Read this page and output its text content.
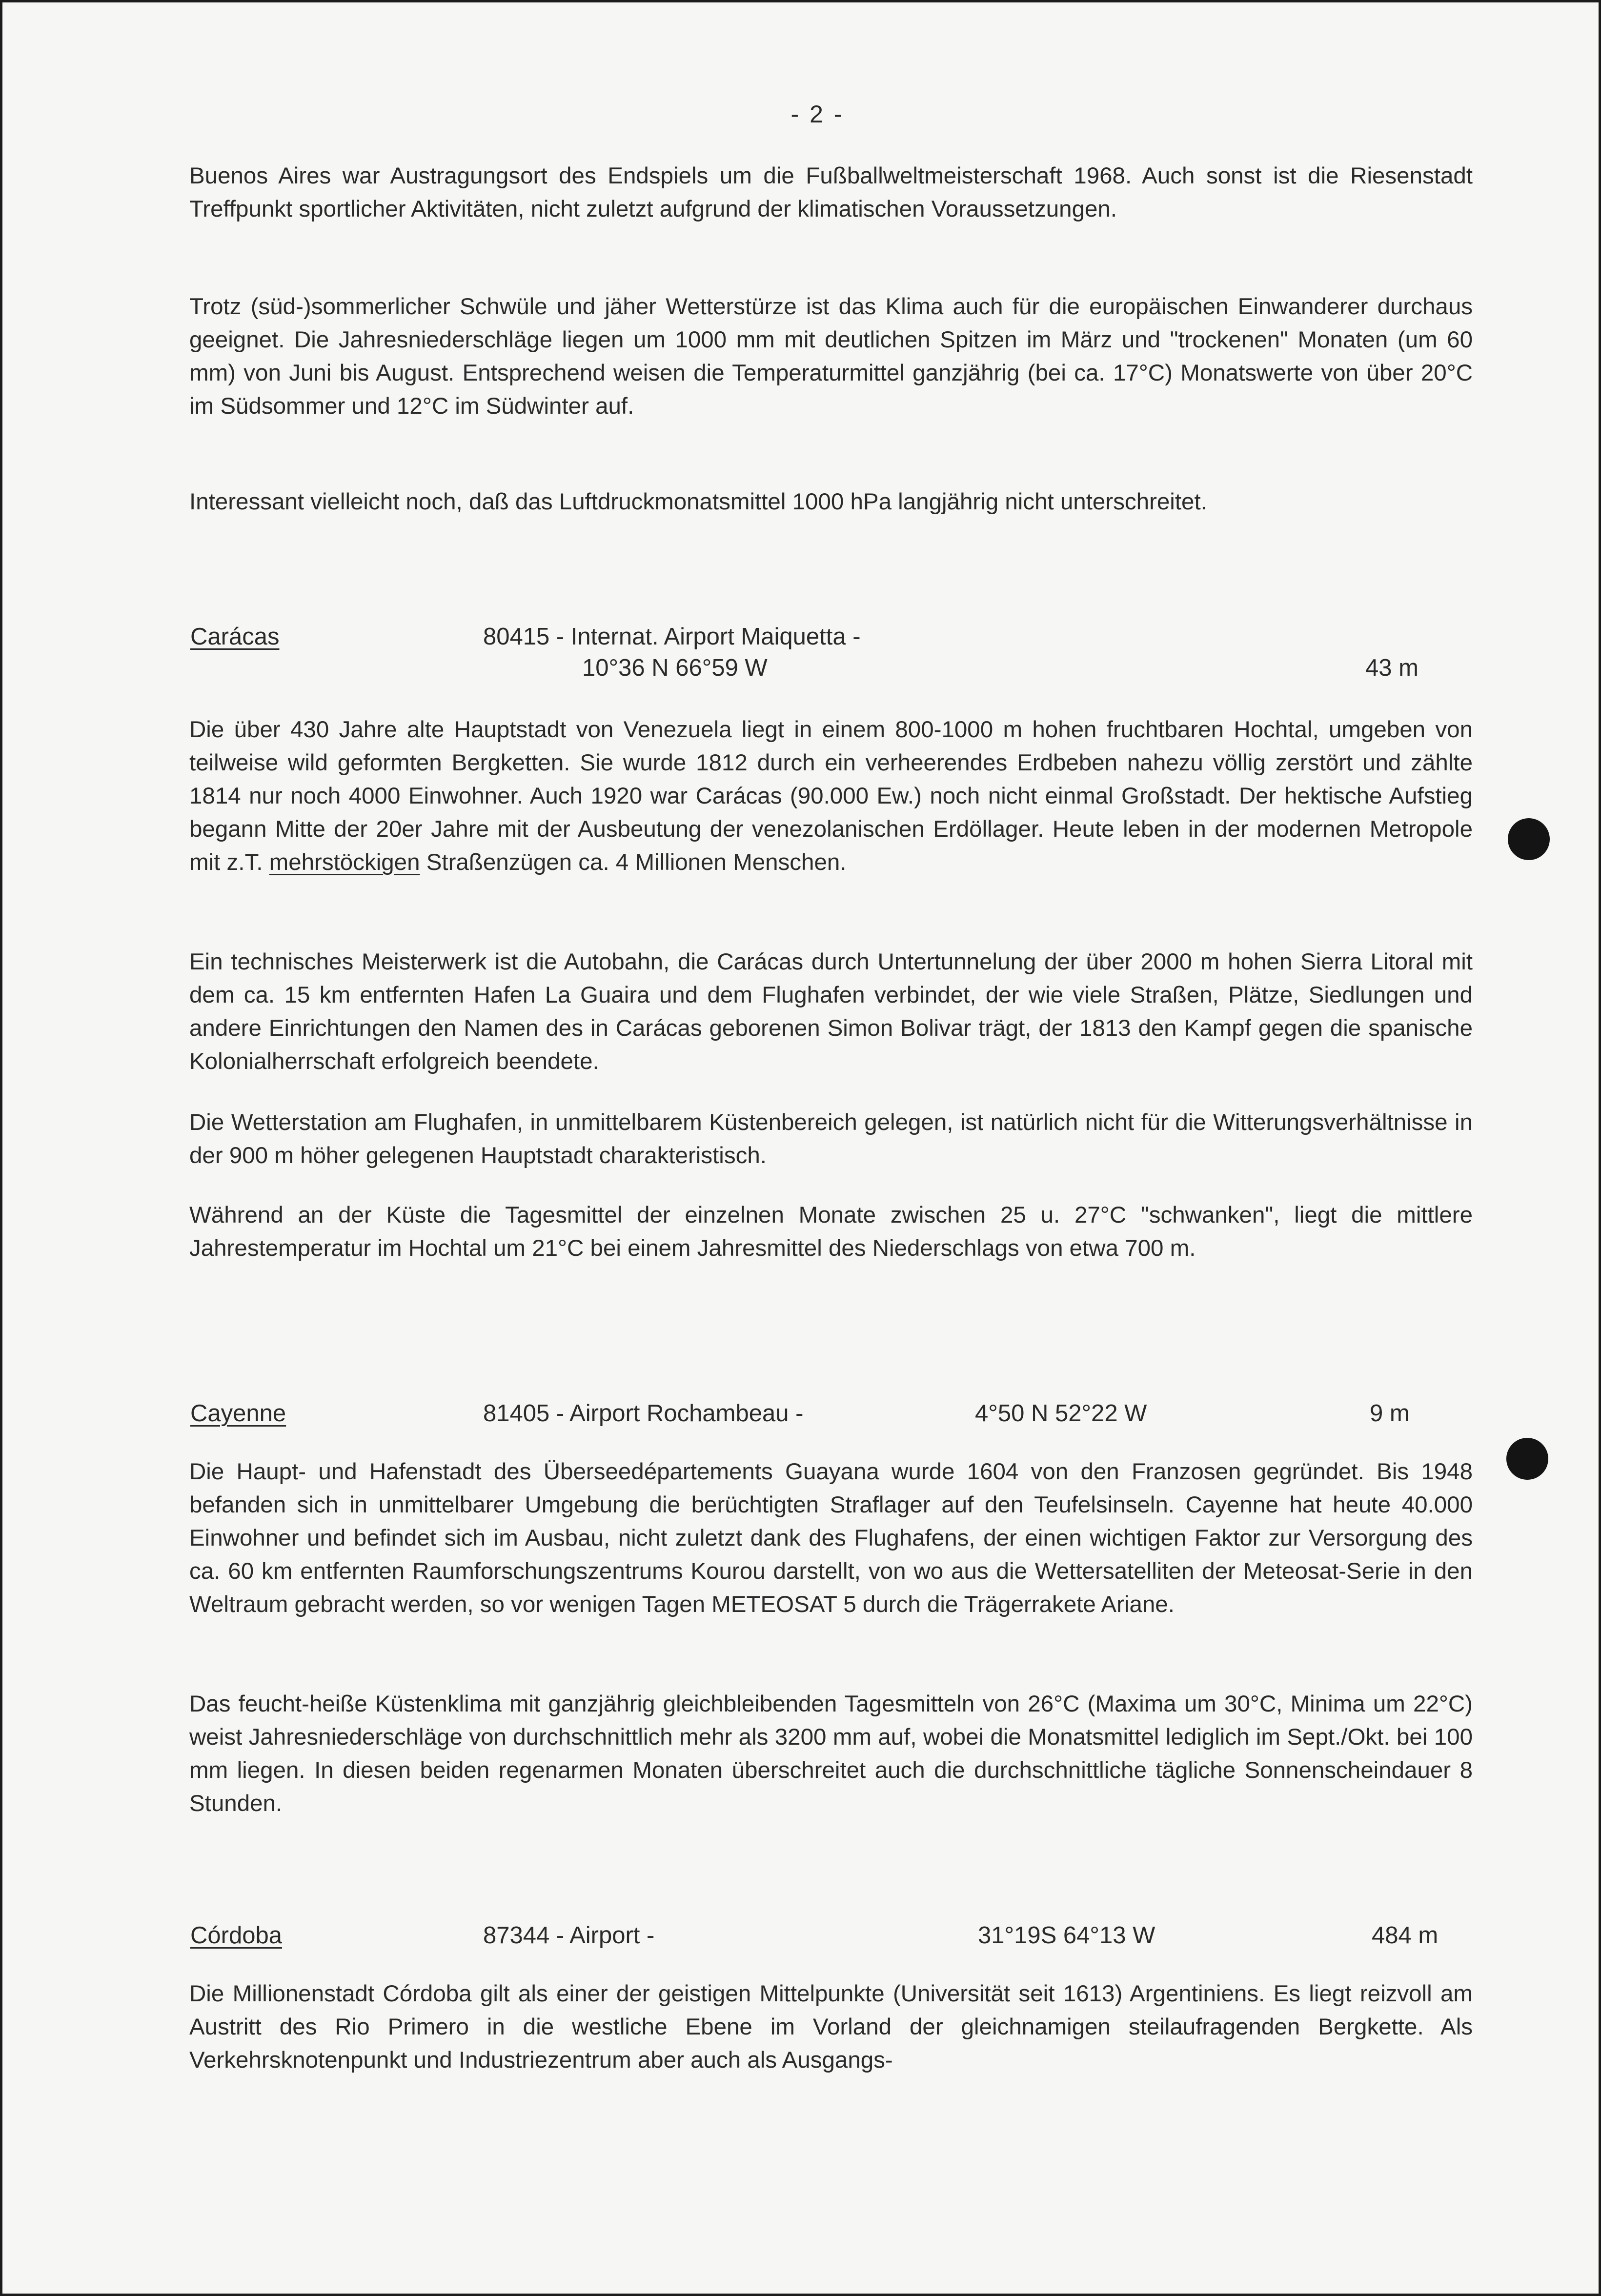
- 2 -

Buenos Aires war Austragungsort des Endspiels um die Fußballweltmeisterschaft 1968. Auch sonst ist die Riesenstadt Treffpunkt sportlicher Aktivitäten, nicht zuletzt aufgrund der klimatischen Voraussetzungen.

Trotz (süd-)sommerlicher Schwüle und jäher Wetterstürze ist das Klima auch für die europäischen Einwanderer durchaus geeignet. Die Jahresniederschläge liegen um 1000 mm mit deutlichen Spitzen im März und "trockenen" Monaten (um 60 mm) von Juni bis August. Entsprechend weisen die Temperaturmittel ganzjährig (bei ca. 17°C) Monatswerte von über 20°C im Südsommer und 12°C im Südwinter auf.

Interessant vielleicht noch, daß das Luftdruckmonatsmittel 1000 hPa langjährig nicht unterschreitet.

Carácas	80415 - Internat. Airport Maiquetta -
10°36 N 66°59 W	43 m

Die über 430 Jahre alte Hauptstadt von Venezuela liegt in einem 800-1000 m hohen fruchtbaren Hochtal, umgeben von teilweise wild geformten Bergketten. Sie wurde 1812 durch ein verheerendes Erdbeben nahezu völlig zerstört und zählte 1814 nur noch 4000 Einwohner. Auch 1920 war Carácas (90.000 Ew.) noch nicht einmal Großstadt. Der hektische Aufstieg begann Mitte der 20er Jahre mit der Ausbeutung der venezolanischen Erdöllager. Heute leben in der modernen Metropole mit z.T. mehrstöckigen Straßenzügen ca. 4 Millionen Menschen.

Ein technisches Meisterwerk ist die Autobahn, die Carácas durch Untertunnelung der über 2000 m hohen Sierra Litoral mit dem ca. 15 km entfernten Hafen La Guaira und dem Flughafen verbindet, der wie viele Straßen, Plätze, Siedlungen und andere Einrichtungen den Namen des in Carácas geborenen Simon Bolivar trägt, der 1813 den Kampf gegen die spanische Kolonialherrschaft erfolgreich beendete.

Die Wetterstation am Flughafen, in unmittelbarem Küstenbereich gelegen, ist natürlich nicht für die Witterungsverhältnisse in der 900 m höher gelegenen Hauptstadt charakteristisch.

Während an der Küste die Tagesmittel der einzelnen Monate zwischen 25 u. 27°C "schwanken", liegt die mittlere Jahrestemperatur im Hochtal um 21°C bei einem Jahresmittel des Niederschlags von etwa 700 m.

Cayenne	81405 - Airport Rochambeau -	4°50 N 52°22 W	9 m

Die Haupt- und Hafenstadt des Überseedépartements Guayana wurde 1604 von den Franzosen gegründet. Bis 1948 befanden sich in unmittelbarer Umgebung die berüchtigten Straflager auf den Teufelsinseln. Cayenne hat heute 40.000 Einwohner und befindet sich im Ausbau, nicht zuletzt dank des Flughafens, der einen wichtigen Faktor zur Versorgung des ca. 60 km entfernten Raumforschungszentrums Kourou darstellt, von wo aus die Wettersatelliten der Meteosat-Serie in den Weltraum gebracht werden, so vor wenigen Tagen METEOSAT 5 durch die Trägerrakete Ariane.

Das feucht-heiße Küstenklima mit ganzjährig gleichbleibenden Tagesmitteln von 26°C (Maxima um 30°C, Minima um 22°C) weist Jahresniederschläge von durchschnittlich mehr als 3200 mm auf, wobei die Monatsmittel lediglich im Sept./Okt. bei 100 mm liegen. In diesen beiden regenarmen Monaten überschreitet auch die durchschnittliche tägliche Sonnenscheindauer 8 Stunden.

Córdoba	87344 - Airport -	31°19S 64°13 W	484 m

Die Millionenstadt Córdoba gilt als einer der geistigen Mittelpunkte (Universität seit 1613) Argentiniens. Es liegt reizvoll am Austritt des Rio Primero in die westliche Ebene im Vorland der gleichnamigen steilaufragenden Bergkette. Als Verkehrsknotenpunkt und Industriezentrum aber auch als Ausgangs-
